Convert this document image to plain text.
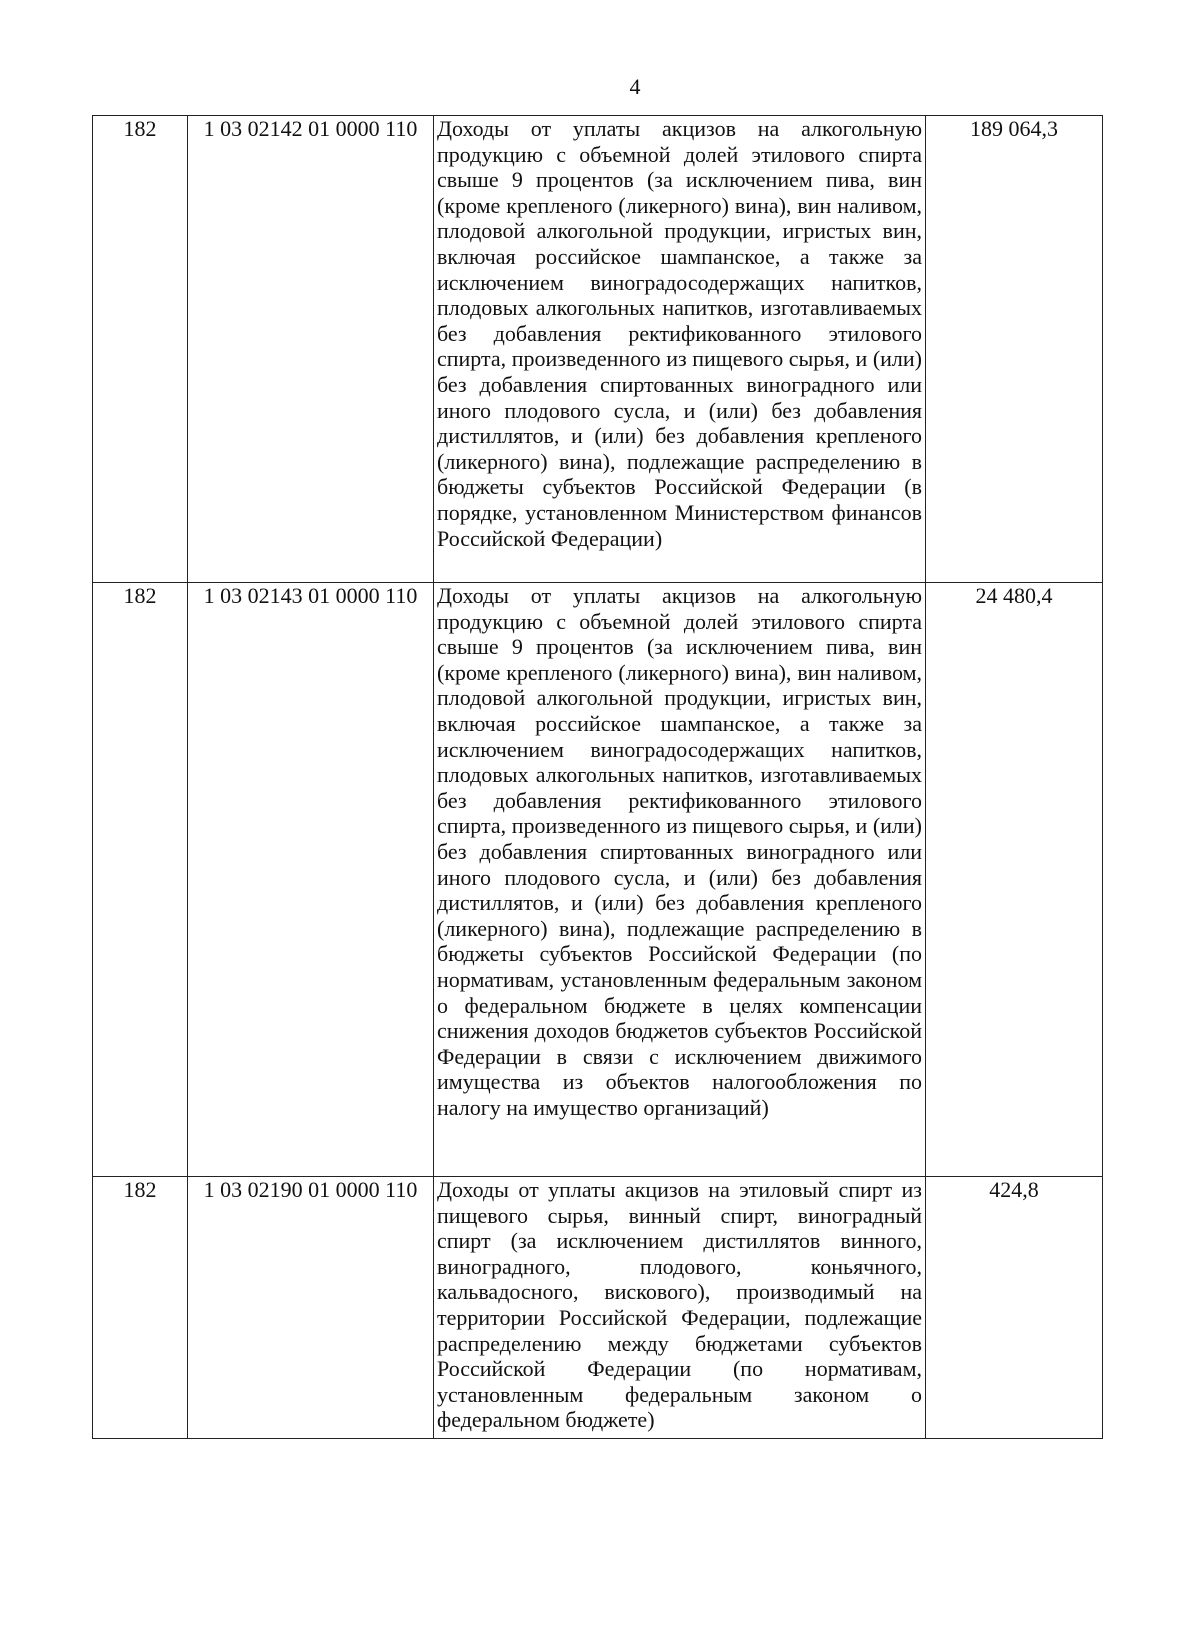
4
182	1 03 02142 01 0000 110	Доходы от уплаты акцизов на алкогольную продукцию с объемной долей этилового спирта свыше 9 процентов (за исключением пива, вин (кроме крепленого (ликерного) вина), вин наливом, плодовой алкогольной продукции, игристых вин, включая российское шампанское, а также за исключением виноградосодержащих напитков, плодовых алкогольных напитков, изготавливаемых без добавления ректификованного этилового спирта, произведенного из пищевого сырья, и (или) без добавления спиртованных виноградного или иного плодового сусла, и (или) без добавления дистиллятов, и (или) без добавления крепленого (ликерного) вина), подлежащие распределению в бюджеты субъектов Российской Федерации (в порядке, установленном Министерством финансов Российской Федерации)	189 064,3
182	1 03 02143 01 0000 110	Доходы от уплаты акцизов на алкогольную продукцию с объемной долей этилового спирта свыше 9 процентов (за исключением пива, вин (кроме крепленого (ликерного) вина), вин наливом, плодовой алкогольной продукции, игристых вин, включая российское шампанское, а также за исключением виноградосодержащих напитков, плодовых алкогольных напитков, изготавливаемых без добавления ректификованного этилового спирта, произведенного из пищевого сырья, и (или) без добавления спиртованных виноградного или иного плодового сусла, и (или) без добавления дистиллятов, и (или) без добавления крепленого (ликерного) вина), подлежащие распределению в бюджеты субъектов Российской Федерации (по нормативам, установленным федеральным законом о федеральном бюджете в целях компенсации снижения доходов бюджетов субъектов Российской Федерации в связи с исключением движимого имущества из объектов налогообложения по налогу на имущество организаций)	24 480,4
182	1 03 02190 01 0000 110	Доходы от уплаты акцизов на этиловый спирт из пищевого сырья, винный спирт, виноградный спирт (за исключением дистиллятов винного, виноградного, плодового, коньячного, кальвадосного, вискового), производимый на территории Российской Федерации, подлежащие распределению между бюджетами субъектов Российской Федерации (по нормативам, установленным федеральным законом о федеральном бюджете)	424,8
